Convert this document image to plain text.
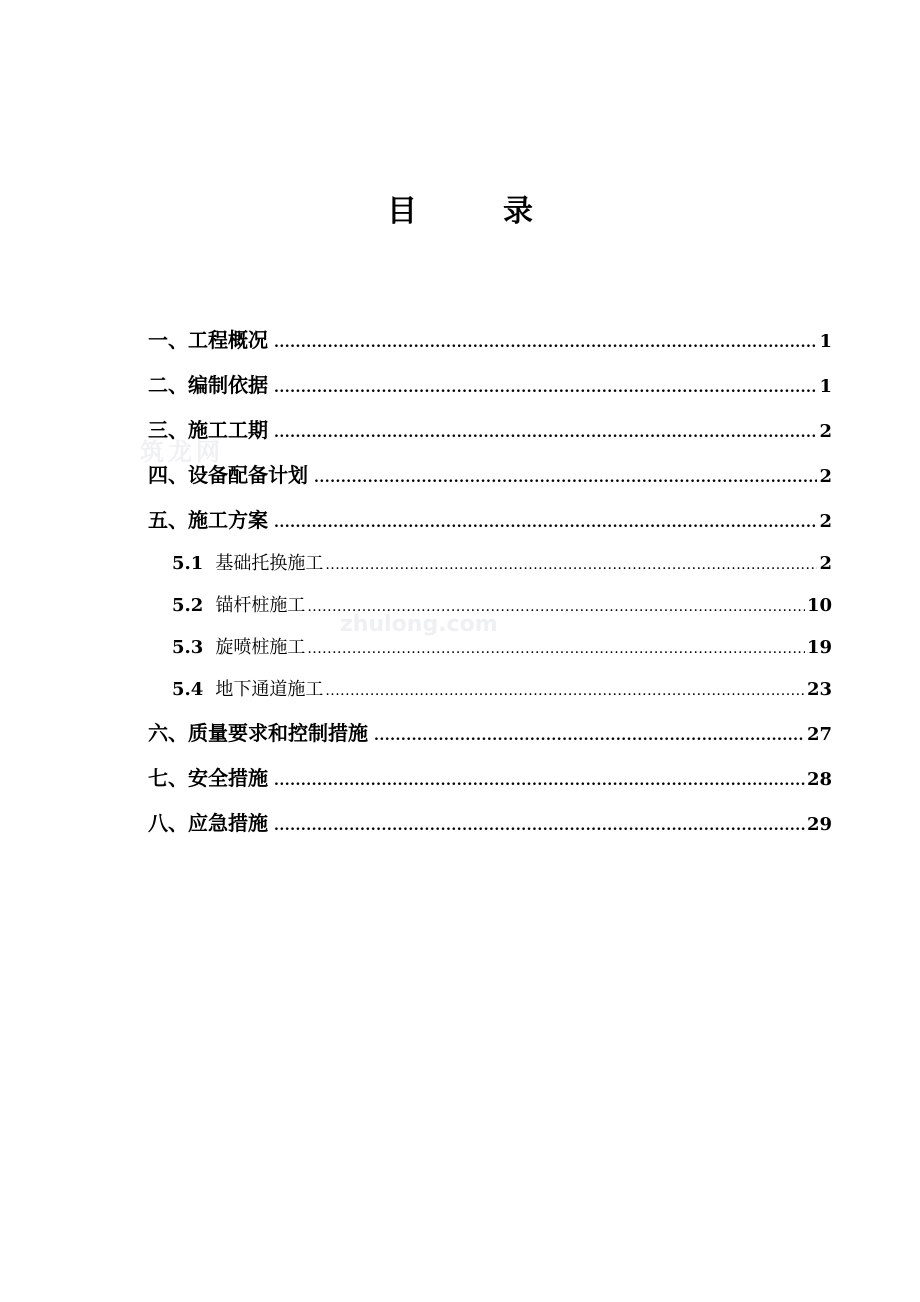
目	录
一、工程概况 .....	1
二、编制依据 .....	1
三、施工工期 .....	2
四、设备配备计划 .....	2
五、施工方案 .....	2
5.1 基础托换施工 .....	2
5.2 锚杆桩施工 .....	10
5.3 旋喷桩施工 .....	19
5.4 地下通道施工 .....	23
六、质量要求和控制措施 .....	27
七、安全措施 .....	28
八、应急措施 .....	29
筑龙网
zhulong.com
